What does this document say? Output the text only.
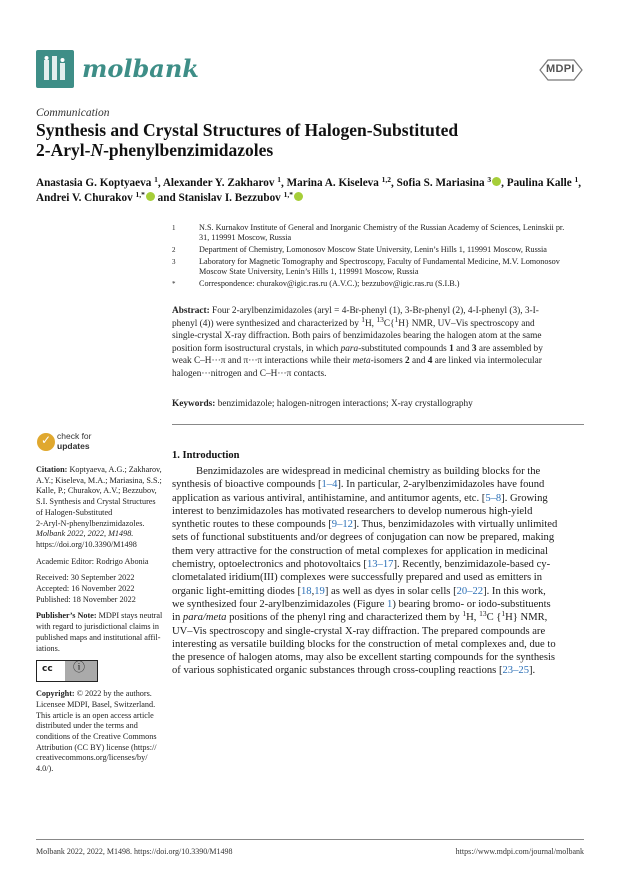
molbank	MDPI
Communication
Synthesis and Crystal Structures of Halogen-Substituted
2-Aryl-N-phenylbenzimidazoles
Anastasia G. Koptyaeva $^1$, Alexander Y. Zakharov $^1$, Marina A. Kiseleva $^{1,2}$, Sofia S. Mariasina $^3$ , Paulina Kalle $^1$,
Andrei V. Churakov $^{1,*}$ and Stanislav I. Bezzubov $^{1,*}$
1	N.S. Kurnakov Institute of General and Inorganic Chemistry of the Russian Academy of Sciences, Leninskii pr.
31, 119991 Moscow, Russia
2	Department of Chemistry, Lomonosov Moscow State University, Lenin’s Hills 1, 119991 Moscow, Russia
3	Laboratory for Magnetic Tomography and Spectroscopy, Faculty of Fundamental Medicine, M.V. Lomonosov
Moscow State University, Lenin’s Hills 1, 119991 Moscow, Russia
*	Correspondence: churakov@igic.ras.ru (A.V.C.); bezzubov@igic.ras.ru (S.I.B.)
Abstract: Four 2-arylbenzimidazoles (aryl = 4-Br-phenyl (1), 3-Br-phenyl (2), 4-I-phenyl (3), 3-I-
phenyl (4)) were synthesized and characterized by $^1$H, $^{13}$C{$^1$H} NMR, UV–Vis spectroscopy and
single-crystal X-ray diffraction. Both pairs of benzimidazoles bearing the halogen atom at the same
position form isostructural crystals, in which para-substituted compounds 1 and 3 are assembled by
weak C–H···π and π···π interactions while their meta-isomers 2 and 4 are linked via intermolecular
halogen···nitrogen and C–H···π contacts.
Keywords: benzimidazole; halogen-nitrogen interactions; X-ray crystallography
✓ check for
updates
Citation: Koptyaeva, A.G.; Zakharov,
A.Y.; Kiseleva, M.A.; Mariasina, S.S.;
Kalle, P.; Churakov, A.V.; Bezzubov,
S.I. Synthesis and Crystal Structures
of Halogen-Substituted
2-Aryl-N-phenylbenzimidazoles.
Molbank 2022, 2022, M1498.
https://doi.org/10.3390/M1498
Academic Editor: Rodrigo Abonia
Received: 30 September 2022
Accepted: 16 November 2022
Published: 18 November 2022
Publisher’s Note: MDPI stays neutral
with regard to jurisdictional claims in
published maps and institutional affil-
iations.
cc ⓘ
Copyright: © 2022 by the authors.
Licensee MDPI, Basel, Switzerland.
This article is an open access article
distributed under the terms and
conditions of the Creative Commons
Attribution (CC BY) license (https://
creativecommons.org/licenses/by/
4.0/).
1. Introduction
Benzimidazoles are widespread in medicinal chemistry as building blocks for the
synthesis of bioactive compounds [1–4]. In particular, 2-arylbenzimidazoles have found
application as various antiviral, antihistamine, and antitumor agents, etc. [5–8]. Growing
interest to benzimidazoles has motivated researchers to develop numerous high-yield
synthetic routes to these compounds [9–12]. Thus, benzimidazoles with virtually unlimited
sets of functional substituents and/or degrees of conjugation can now be prepared, making
them very attractive for the construction of metal complexes for application in medicinal
chemistry, optoelectronics and photovoltaics [13–17]. Recently, benzimidazole-based cy-
clometalated iridium(III) complexes were successfully prepared and used as emitters in
organic light-emitting diodes [18,19] as well as dyes in solar cells [20–22]. In this work,
we synthesized four 2-arylbenzimidazoles (Figure 1) bearing bromo- or iodo-substituents
in para/meta positions of the phenyl ring and characterized them by $^1$H, $^{13}$C {$^1$H} NMR,
UV–Vis spectroscopy and single-crystal X-ray diffraction. The prepared compounds are
interesting as versatile building blocks for the construction of metal complexes and, due to
the presence of halogen atoms, may also be excellent starting compounds for the synthesis
of various sophisticated organic substances through cross-coupling reactions [23–25].
Molbank 2022, 2022, M1498. https://doi.org/10.3390/M1498	https://www.mdpi.com/journal/molbank
